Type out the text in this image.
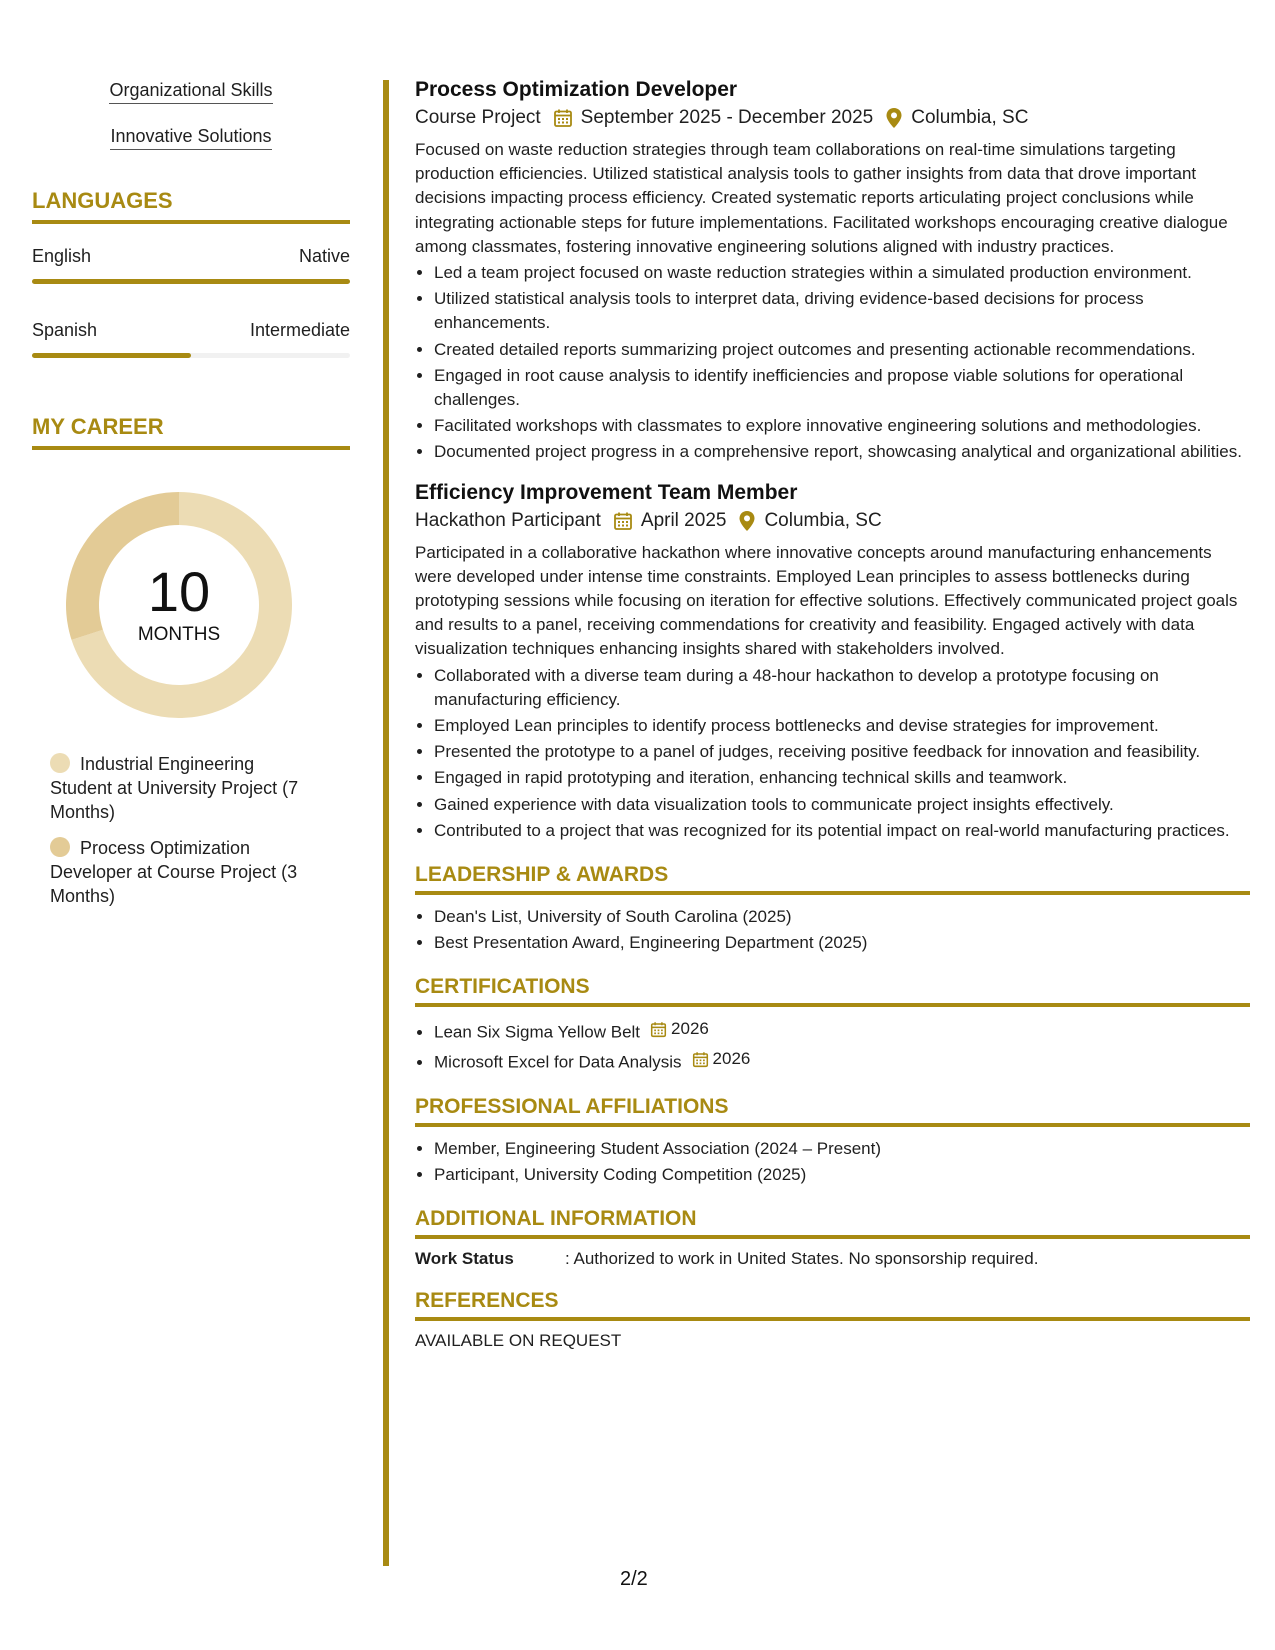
Organizational Skills
Innovative Solutions
LANGUAGES
English	Native
Spanish	Intermediate
MY CAREER
10
MONTHS
Industrial Engineering Student at University Project (7 Months)
Process Optimization Developer at Course Project (3 Months)
Process Optimization Developer
Course Project September 2025 - December 2025 Columbia, SC

Focused on waste reduction strategies through team collaborations on real-time simulations targeting production efficiencies. Utilized statistical analysis tools to gather insights from data that drove important decisions impacting process efficiency. Created systematic reports articulating project conclusions while integrating actionable steps for future implementations. Facilitated workshops encouraging creative dialogue among classmates, fostering innovative engineering solutions aligned with industry practices.

• Led a team project focused on waste reduction strategies within a simulated production environment.
• Utilized statistical analysis tools to interpret data, driving evidence-based decisions for process enhancements.
• Created detailed reports summarizing project outcomes and presenting actionable recommendations.
• Engaged in root cause analysis to identify inefficiencies and propose viable solutions for operational challenges.
• Facilitated workshops with classmates to explore innovative engineering solutions and methodologies.
• Documented project progress in a comprehensive report, showcasing analytical and organizational abilities.
Efficiency Improvement Team Member
Hackathon Participant April 2025 Columbia, SC

Participated in a collaborative hackathon where innovative concepts around manufacturing enhancements were developed under intense time constraints. Employed Lean principles to assess bottlenecks during prototyping sessions while focusing on iteration for effective solutions. Effectively communicated project goals and results to a panel, receiving commendations for creativity and feasibility. Engaged actively with data visualization techniques enhancing insights shared with stakeholders involved.

• Collaborated with a diverse team during a 48-hour hackathon to develop a prototype focusing on manufacturing efficiency.
• Employed Lean principles to identify process bottlenecks and devise strategies for improvement.
• Presented the prototype to a panel of judges, receiving positive feedback for innovation and feasibility.
• Engaged in rapid prototyping and iteration, enhancing technical skills and teamwork.
• Gained experience with data visualization tools to communicate project insights effectively.
• Contributed to a project that was recognized for its potential impact on real-world manufacturing practices.
LEADERSHIP & AWARDS
• Dean's List, University of South Carolina (2025)
• Best Presentation Award, Engineering Department (2025)
CERTIFICATIONS
• Lean Six Sigma Yellow Belt 2026
• Microsoft Excel for Data Analysis 2026
PROFESSIONAL AFFILIATIONS
• Member, Engineering Student Association (2024 – Present)
• Participant, University Coding Competition (2025)
ADDITIONAL INFORMATION
Work Status	: Authorized to work in United States. No sponsorship required.
REFERENCES
AVAILABLE ON REQUEST
2/2
